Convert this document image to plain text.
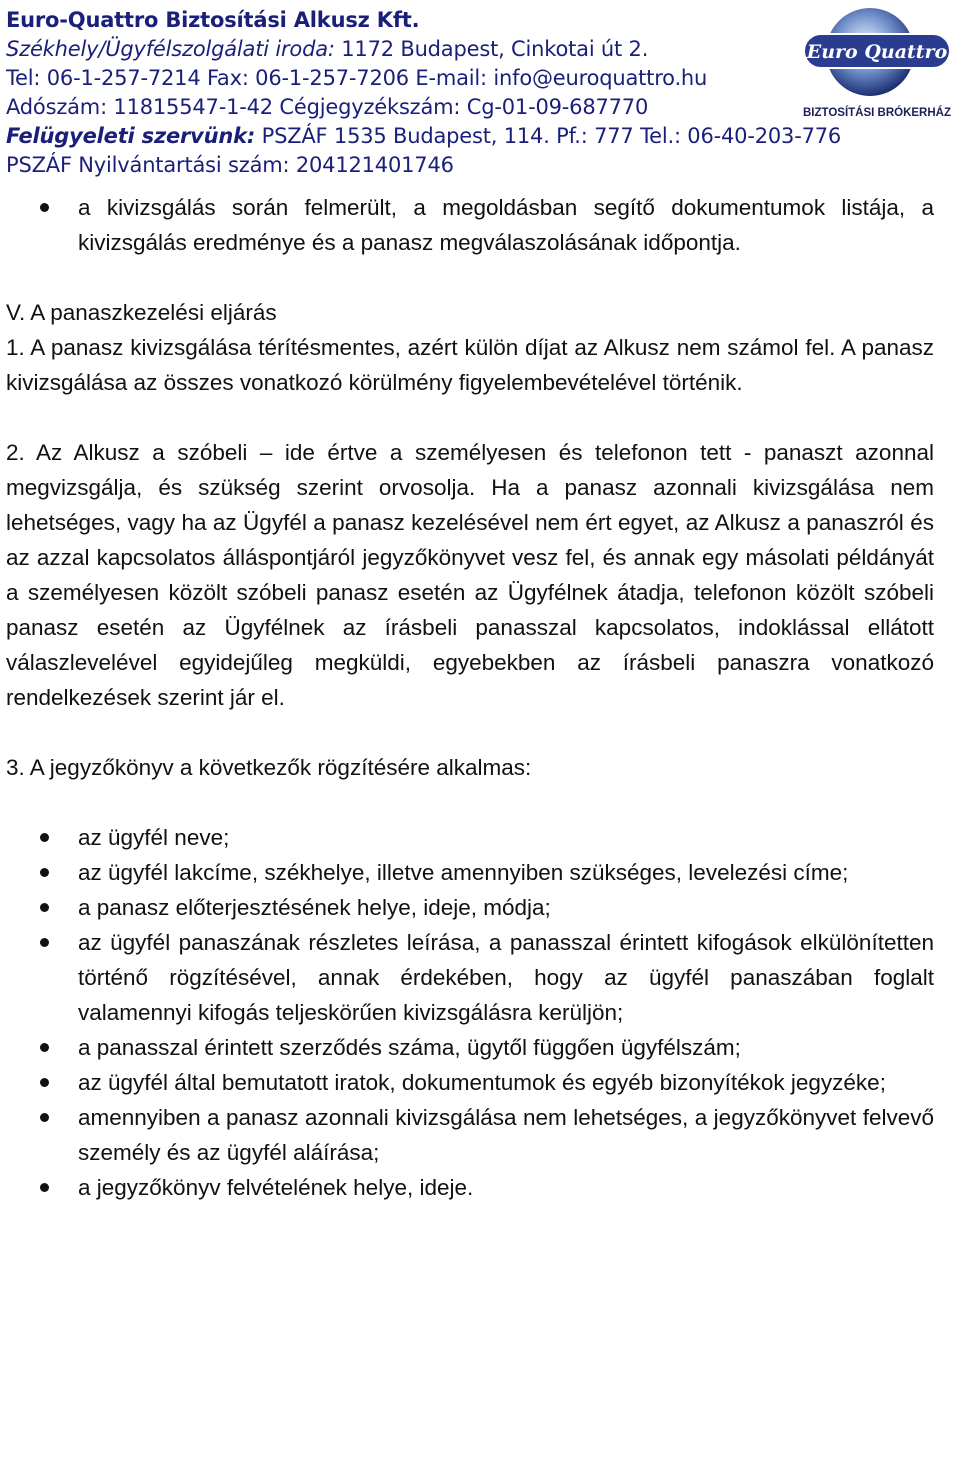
Euro-Quattro Biztosítási Alkusz Kft.
Székhely/Ügyfélszolgálati iroda: 1172 Budapest, Cinkotai út 2.
Tel: 06-1-257-7214 Fax: 06-1-257-7206 E-mail: info@euroquattro.hu
Adószám: 11815547-1-42 Cégjegyzékszám: Cg-01-09-687770
Felügyeleti szervünk: PSZÁF 1535 Budapest, 114. Pf.: 777 Tel.: 06-40-203-776
PSZÁF Nyilvántartási szám: 204121401746
Euro Quattro
BIZTOSÍTÁSI BRÓKERHÁZ
a kivizsgálás során felmerült, a megoldásban segítő dokumentumok listája, a kivizsgálás eredménye és a panasz megválaszolásának időpontja.

V. A panaszkezelési eljárás

1. A panasz kivizsgálása térítésmentes, azért külön díjat az Alkusz nem számol fel. A panasz kivizsgálása az összes vonatkozó körülmény figyelembevételével történik.

2. Az Alkusz a szóbeli – ide értve a személyesen és telefonon tett - panaszt azonnal megvizsgálja, és szükség szerint orvosolja. Ha a panasz azonnali kivizsgálása nem lehetséges, vagy ha az Ügyfél a panasz kezelésével nem ért egyet, az Alkusz a panaszról és az azzal kapcsolatos álláspontjáról jegyzőkönyvet vesz fel, és annak egy másolati példányát a személyesen közölt szóbeli panasz esetén az Ügyfélnek átadja, telefonon közölt szóbeli panasz esetén az Ügyfélnek az írásbeli panasszal kapcsolatos, indoklással ellátott válaszlevelével egyidejűleg megküldi, egyebekben az írásbeli panaszra vonatkozó rendelkezések szerint jár el.

3. A jegyzőkönyv a következők rögzítésére alkalmas:

az ügyfél neve;
az ügyfél lakcíme, székhelye, illetve amennyiben szükséges, levelezési címe;
a panasz előterjesztésének helye, ideje, módja;
az ügyfél panaszának részletes leírása, a panasszal érintett kifogások elkülönítetten történő rögzítésével, annak érdekében, hogy az ügyfél panaszában foglalt valamennyi kifogás teljeskörűen kivizsgálásra kerüljön;
a panasszal érintett szerződés száma, ügytől függően ügyfélszám;
az ügyfél által bemutatott iratok, dokumentumok és egyéb bizonyítékok jegyzéke;
amennyiben a panasz azonnali kivizsgálása nem lehetséges, a jegyzőkönyvet felvevő személy és az ügyfél aláírása;
a jegyzőkönyv felvételének helye, ideje.
